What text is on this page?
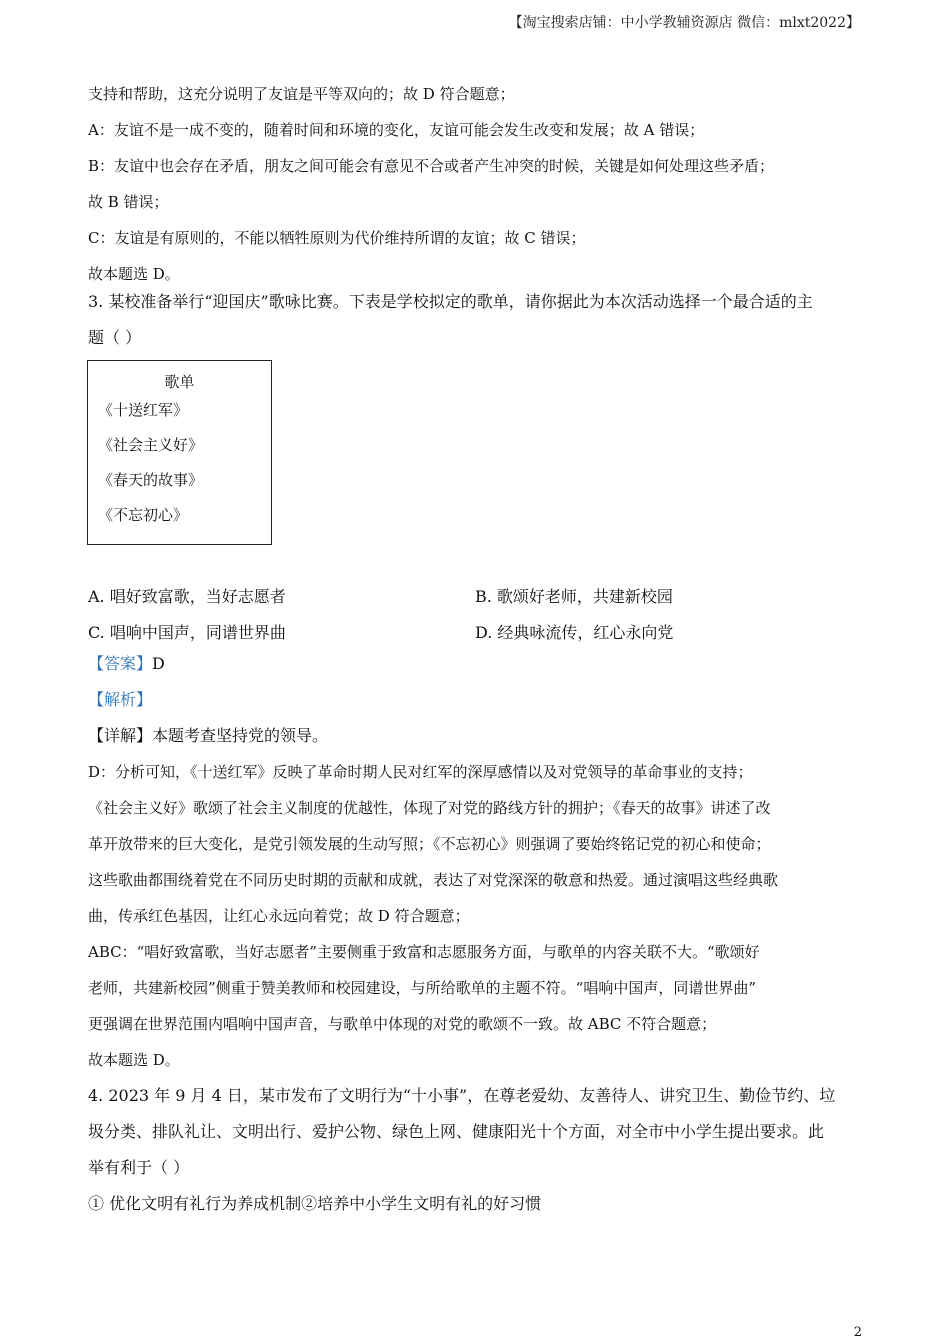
【淘宝搜索店铺：中小学教辅资源店 微信：mlxt2022】
支持和帮助，这充分说明了友谊是平等双向的；故 D 符合题意；
A：友谊不是一成不变的，随着时间和环境的变化，友谊可能会发生改变和发展；故 A 错误；
B：友谊中也会存在矛盾，朋友之间可能会有意见不合或者产生冲突的时候，关键是如何处理这些矛盾；
故 B 错误；
C：友谊是有原则的，不能以牺牲原则为代价维持所谓的友谊；故 C 错误；
故本题选 D。
3. 某校准备举行“迎国庆”歌咏比赛。下表是学校拟定的歌单，请你据此为本次活动选择一个最合适的主
题（ ）
歌单
《十送红军》
《社会主义好》
《春天的故事》
《不忘初心》
A. 唱好致富歌，当好志愿者	B. 歌颂好老师，共建新校园
C. 唱响中国声，同谱世界曲	D. 经典咏流传，红心永向党
【答案】 D
【解析】
【详解】本题考查坚持党的领导。
D：分析可知，《十送红军》反映了革命时期人民对红军的深厚感情以及对党领导的革命事业的支持；
《社会主义好》歌颂了社会主义制度的优越性，体现了对党的路线方针的拥护；《春天的故事》讲述了改
革开放带来的巨大变化，是党引领发展的生动写照；《不忘初心》则强调了要始终铭记党的初心和使命；
这些歌曲都围绕着党在不同历史时期的贡献和成就，表达了对党深深的敬意和热爱。通过演唱这些经典歌
曲，传承红色基因，让红心永远向着党；故 D 符合题意；
ABC：“唱好致富歌，当好志愿者”主要侧重于致富和志愿服务方面，与歌单的内容关联不大。“歌颂好
老师，共建新校园”侧重于赞美教师和校园建设，与所给歌单的主题不符。“唱响中国声，同谱世界曲”
更强调在世界范围内唱响中国声音，与歌单中体现的对党的歌颂不一致。故 ABC 不符合题意；
故本题选 D。
4. 2023 年 9 月 4 日，某市发布了文明行为“十小事”，在尊老爱幼、友善待人、讲究卫生、勤俭节约、垃
圾分类、排队礼让、文明出行、爱护公物、绿色上网、健康阳光十个方面，对全市中小学生提出要求。此
举有利于（ ）
① 优化文明有礼行为养成机制②培养中小学生文明有礼的好习惯
2
